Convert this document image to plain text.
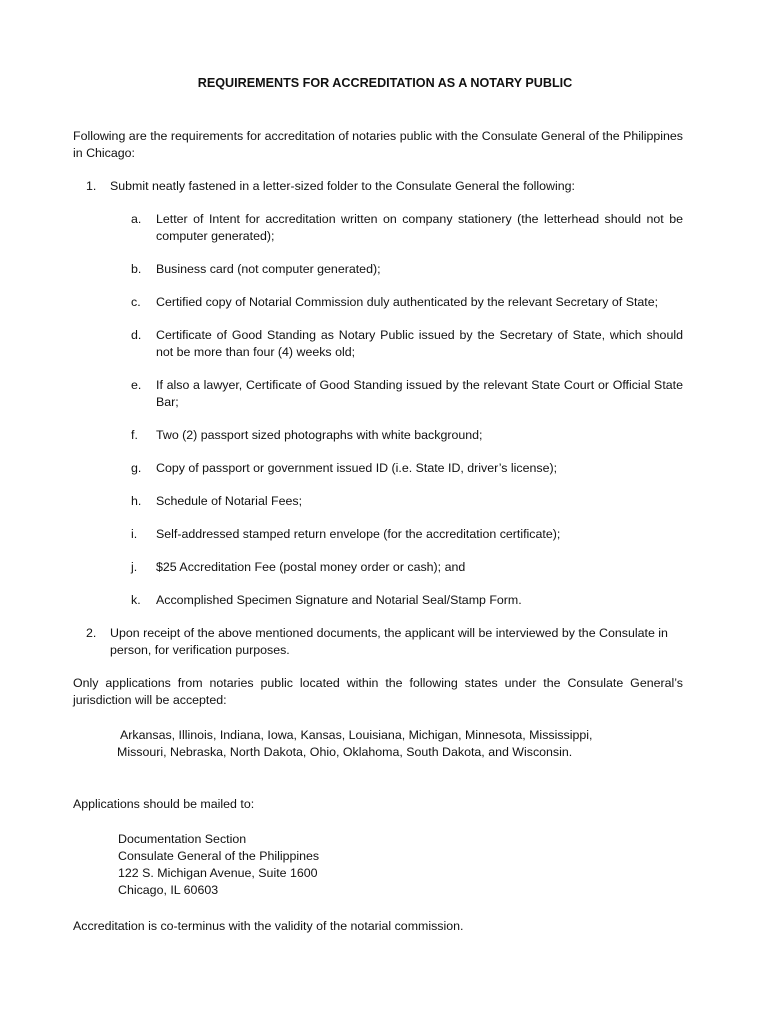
REQUIREMENTS FOR ACCREDITATION AS A NOTARY PUBLIC
Following are the requirements for accreditation of notaries public with the Consulate General of the Philippines in Chicago:
1. Submit neatly fastened in a letter-sized folder to the Consulate General the following:
a. Letter of Intent for accreditation written on company stationery (the letterhead should not be computer generated);
b. Business card (not computer generated);
c. Certified copy of Notarial Commission duly authenticated by the relevant Secretary of State;
d. Certificate of Good Standing as Notary Public issued by the Secretary of State, which should not be more than four (4) weeks old;
e. If also a lawyer, Certificate of Good Standing issued by the relevant State Court or Official State Bar;
f. Two (2) passport sized photographs with white background;
g. Copy of passport or government issued ID (i.e. State ID, driver’s license);
h. Schedule of Notarial Fees;
i. Self-addressed stamped return envelope (for the accreditation certificate);
j. $25 Accreditation Fee (postal money order or cash); and
k. Accomplished Specimen Signature and Notarial Seal/Stamp Form.
2. Upon receipt of the above mentioned documents, the applicant will be interviewed by the Consulate in person, for verification purposes.
Only applications from notaries public located within the following states under the Consulate General’s jurisdiction will be accepted:
Arkansas, Illinois, Indiana, Iowa, Kansas, Louisiana, Michigan, Minnesota, Mississippi,
Missouri, Nebraska, North Dakota, Ohio, Oklahoma, South Dakota, and Wisconsin.
Applications should be mailed to:
Documentation Section
Consulate General of the Philippines
122 S. Michigan Avenue, Suite 1600
Chicago, IL 60603
Accreditation is co-terminus with the validity of the notarial commission.
